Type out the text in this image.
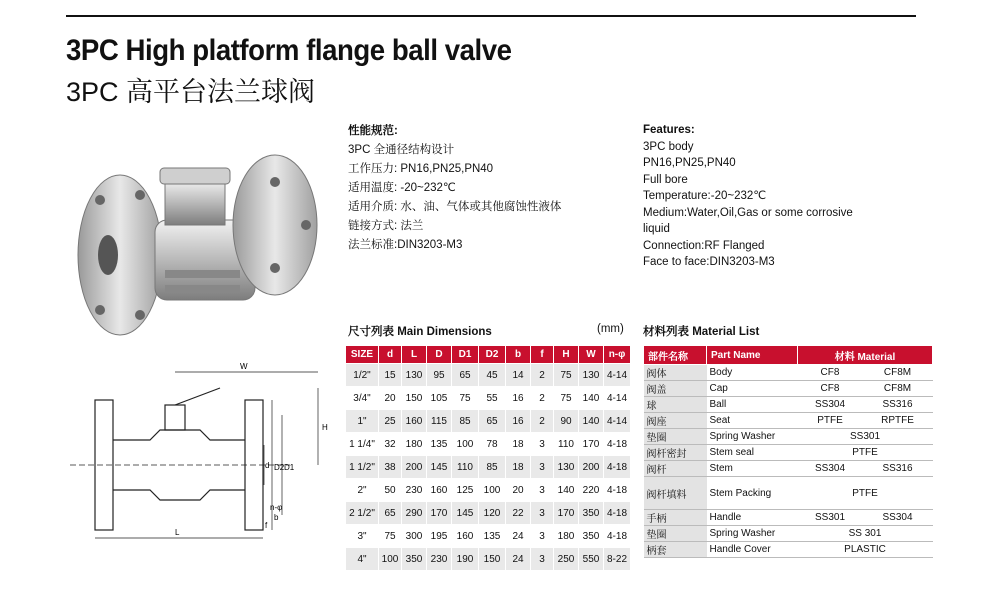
3PC High platform flange ball valve
3PC 高平台法兰球阀
W
H
L
d D2 D1
b
f
n-φ
性能规范:
3PC 全通径结构设计
工作压力: PN16,PN25,PN40
适用温度: -20~232℃
适用介质: 水、油、气体或其他腐蚀性液体
链接方式: 法兰
法兰标准:DIN3203-M3
Features:
3PC body
PN16,PN25,PN40
Full bore
Temperature:-20~232℃
Medium:Water,Oil,Gas or some corrosive
liquid
Connection:RF Flanged
Face to face:DIN3203-M3
尺寸列表 Main Dimensions	(mm)
SIZE	d	L	D	D1	D2	b	f	H	W	n-φ
1/2"	15	130	95	65	45	14	2	75	130	4-14
3/4"	20	150	105	75	55	16	2	75	140	4-14
1"	25	160	115	85	65	16	2	90	140	4-14
1 1/4"	32	180	135	100	78	18	3	110	170	4-18
1 1/2"	38	200	145	110	85	18	3	130	200	4-18
2"	50	230	160	125	100	20	3	140	220	4-18
2 1/2"	65	290	170	145	120	22	3	170	350	4-18
3"	75	300	195	160	135	24	3	180	350	4-18
4"	100	350	230	190	150	24	3	250	550	8-22
材料列表 Material List
部件名称	Part Name	材料 Material	
阀体	Body	CF8	CF8M
阀盖	Cap	CF8	CF8M
球	Ball	SS304	SS316
阀座	Seat	PTFE	RPTFE
垫圈	Spring Washer	SS301	
阀杆密封	Stem seal	PTFE	
阀杆	Stem	SS304	SS316
阀杆填料	Stem Packing	PTFE	
手柄	Handle	SS301	SS304
垫圈	Spring Washer	SS 301	
柄套	Handle Cover	PLASTIC	
